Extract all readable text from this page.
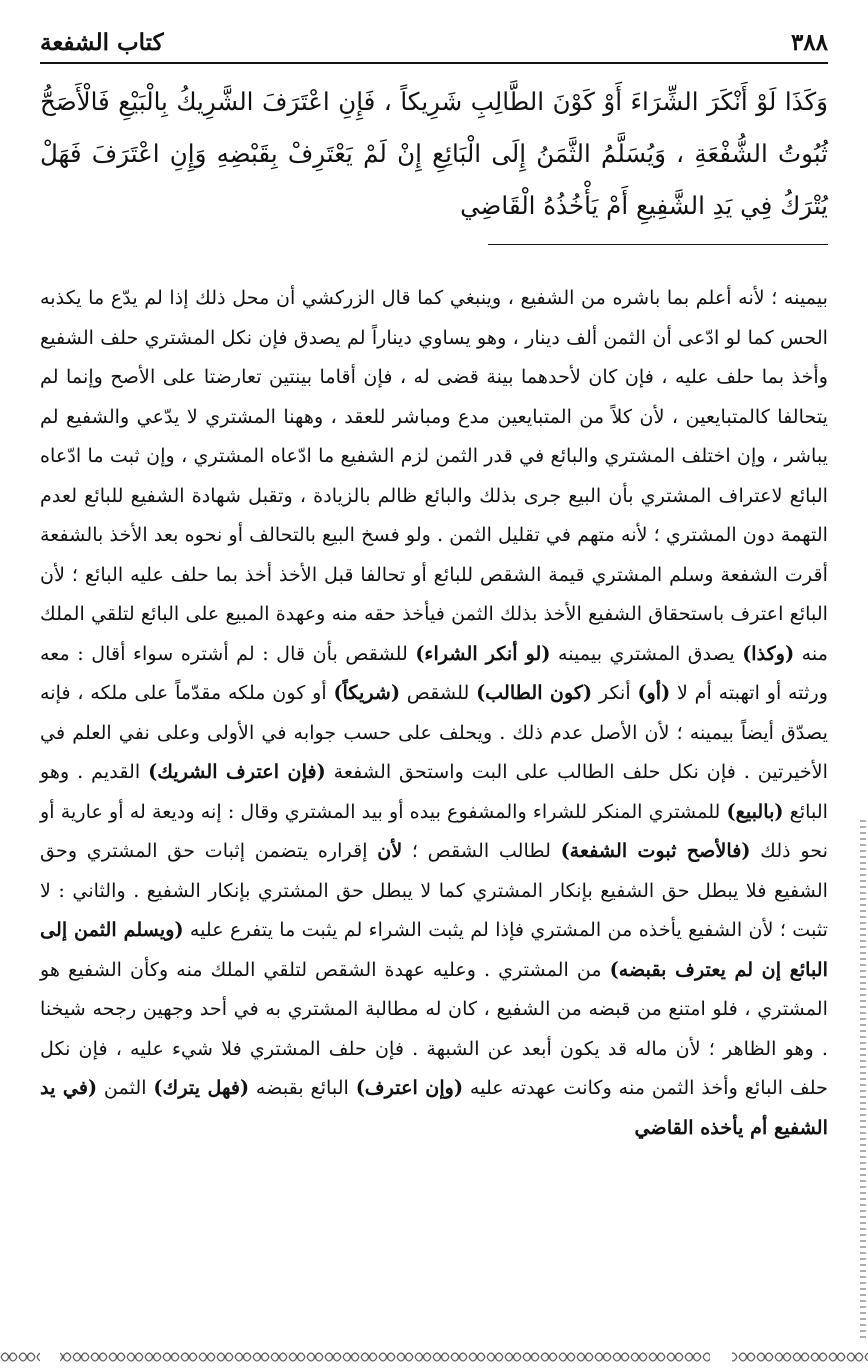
٣٨٨
كتاب الشفعة

وَكَذَا لَوْ أَنْكَرَ الشِّرَاءَ أَوْ كَوْنَ الطَّالِبِ شَرِيكاً ، فَإِنِ اعْتَرَفَ الشَّرِيكُ بِالْبَيْعِ فَالْأَصَحُّ ثُبُوتُ الشُّفْعَةِ ، وَيُسَلَّمُ الثَّمَنُ إِلَى الْبَائِعِ إِنْ لَمْ يَعْتَرِفْ بِقَبْضِهِ وَإِنِ اعْتَرَفَ فَهَلْ يُتْرَكُ فِي يَدِ الشَّفِيعِ أَمْ يَأْخُذُهُ الْقَاضِي

بيمينه ؛ لأنه أعلم بما باشره من الشفيع ، وينبغي كما قال الزركشي أن محل ذلك إذا لم يدّع ما يكذبه الحس كما لو ادّعى أن الثمن ألف دينار ، وهو يساوي ديناراً لم يصدق فإن نكل المشتري حلف الشفيع وأخذ بما حلف عليه ، فإن كان لأحدهما بينة قضى له ، فإن أقاما بينتين تعارضتا على الأصح وإنما لم يتحالفا كالمتبايعين ، لأن كلاً من المتبايعين مدع ومباشر للعقد ، وههنا المشتري لا يدّعي والشفيع لم يباشر ، وإن اختلف المشتري والبائع في قدر الثمن لزم الشفيع ما ادّعاه المشتري ، وإن ثبت ما ادّعاه البائع لاعتراف المشتري بأن البيع جرى بذلك والبائع ظالم بالزيادة ، وتقبل شهادة الشفيع للبائع لعدم التهمة دون المشتري ؛ لأنه متهم في تقليل الثمن . ولو فسخ البيع بالتحالف أو نحوه بعد الأخذ بالشفعة أقرت الشفعة وسلم المشتري قيمة الشقص للبائع أو تحالفا قبل الأخذ أخذ بما حلف عليه البائع ؛ لأن البائع اعترف باستحقاق الشفيع الأخذ بذلك الثمن فيأخذ حقه منه وعهدة المبيع على البائع لتلقي الملك منه (وكذا) يصدق المشتري بيمينه (لو أنكر الشراء) للشقص بأن قال : لم أشتره سواء أقال : معه ورثته أو اتهبته أم لا (أو) أنكر (كون الطالب) للشقص (شريكاً) أو كون ملكه مقدّماً على ملكه ، فإنه يصدّق أيضاً بيمينه ؛ لأن الأصل عدم ذلك . ويحلف على حسب جوابه في الأولى وعلى نفي العلم في الأخيرتين . فإن نكل حلف الطالب على البت واستحق الشفعة (فإن اعترف الشريك) القديم . وهو البائع (بالبيع) للمشتري المنكر للشراء والمشفوع بيده أو بيد المشتري وقال : إنه وديعة له أو عارية أو نحو ذلك (فالأصح ثبوت الشفعة) لطالب الشقص ؛ لأن إقراره يتضمن إثبات حق المشتري وحق الشفيع فلا يبطل حق الشفيع بإنكار المشتري كما لا يبطل حق المشتري بإنكار الشفيع . والثاني : لا تثبت ؛ لأن الشفيع يأخذه من المشتري فإذا لم يثبت الشراء لم يثبت ما يتفرع عليه (ويسلم الثمن إلى البائع إن لم يعترف بقبضه) من المشتري . وعليه عهدة الشقص لتلقي الملك منه وكأن الشفيع هو المشتري ، فلو امتنع من قبضه من الشفيع ، كان له مطالبة المشتري به في أحد وجهين رجحه شيخنا . وهو الظاهر ؛ لأن ماله قد يكون أبعد عن الشبهة . فإن حلف المشتري فلا شيء عليه ، فإن نكل حلف البائع وأخذ الثمن منه وكانت عهدته عليه (وإن اعترف) البائع بقبضه (فهل يترك) الثمن (في يد الشفيع أم يأخذه القاضي
